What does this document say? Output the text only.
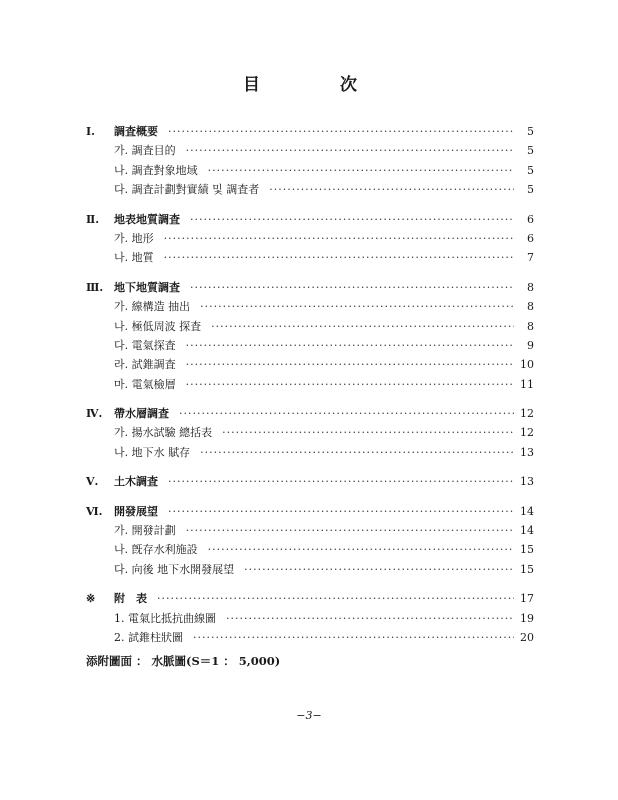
目	次
Ⅰ.	調査概要 ·····	5
가. 調査目的 ·····	5
나. 調査對象地域 ·····	5
다. 調査計劃對實績 및 調査者 ·····	5
Ⅱ.	地表地質調査 ·····	6
가. 地形 ·····	6
나. 地質 ·····	7
Ⅲ. 地下地質調査 ·····	8
가. 線構造 抽出 ·····	8
나. 極低周波 探査 ·····	8
다. 電氣探査 ·····	9
라. 試錐調査 ·····	10
마. 電氣檢層 ·····	11
Ⅳ.	帶水層調査 ·····	12
가. 揚水試驗 總括表 ·····	12
나. 地下水 賦存 ·····	13
Ⅴ.	土木調査 ·····	13
Ⅵ.	開發展望 ·····	14
가. 開發計劃 ·····	14
나. 旣存水利施設 ·····	15
다. 向後 地下水開發展望 ·····	15
※	附　表 ·····	17
1. 電氣比抵抗曲線圖 ·····	19
2. 試錐柱狀圖 ·····	20
添附圖面 ： 水脈圖(S＝1 ： 5,000)
−3−
